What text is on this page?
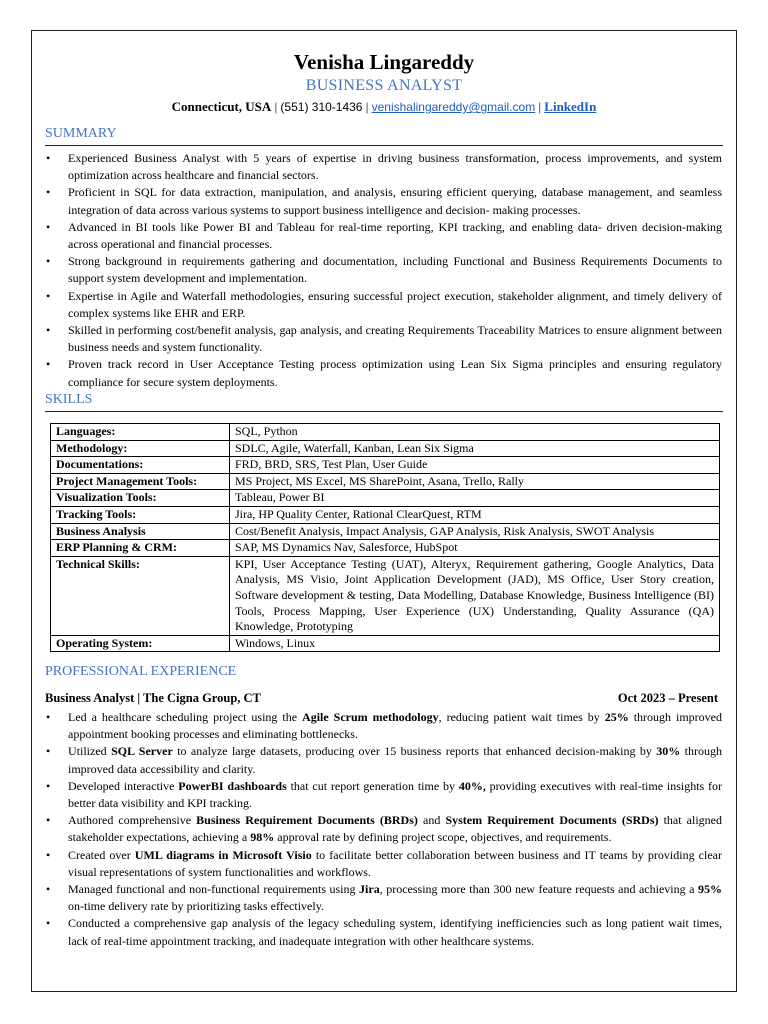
Venisha Lingareddy
BUSINESS ANALYST
Connecticut, USA | (551) 310-1436 | venishalingareddy@gmail.com | LinkedIn
SUMMARY
• Experienced Business Analyst with 5 years of expertise in driving business transformation, process improvements, and system optimization across healthcare and financial sectors.
• Proficient in SQL for data extraction, manipulation, and analysis, ensuring efficient querying, database management, and seamless integration of data across various systems to support business intelligence and decision- making processes.
• Advanced in BI tools like Power BI and Tableau for real-time reporting, KPI tracking, and enabling data- driven decision-making across operational and financial processes.
• Strong background in requirements gathering and documentation, including Functional and Business Requirements Documents to support system development and implementation.
• Expertise in Agile and Waterfall methodologies, ensuring successful project execution, stakeholder alignment, and timely delivery of complex systems like EHR and ERP.
• Skilled in performing cost/benefit analysis, gap analysis, and creating Requirements Traceability Matrices to ensure alignment between business needs and system functionality.
• Proven track record in User Acceptance Testing process optimization using Lean Six Sigma principles and ensuring regulatory compliance for secure system deployments.
SKILLS
Languages:	SQL, Python
Methodology:	SDLC, Agile, Waterfall, Kanban, Lean Six Sigma
Documentations:	FRD, BRD, SRS, Test Plan, User Guide
Project Management Tools:	MS Project, MS Excel, MS SharePoint, Asana, Trello, Rally
Visualization Tools:	Tableau, Power BI
Tracking Tools:	Jira, HP Quality Center, Rational ClearQuest, RTM
Business Analysis	Cost/Benefit Analysis, Impact Analysis, GAP Analysis, Risk Analysis, SWOT Analysis
ERP Planning & CRM:	SAP, MS Dynamics Nav, Salesforce, HubSpot
Technical Skills:	KPI, User Acceptance Testing (UAT), Alteryx, Requirement gathering, Google Analytics, Data Analysis, MS Visio, Joint Application Development (JAD), MS Office, User Story creation, Software development & testing, Data Modelling, Database Knowledge, Business Intelligence (BI) Tools, Process Mapping, User Experience (UX) Understanding, Quality Assurance (QA) Knowledge, Prototyping
Operating System:	Windows, Linux
PROFESSIONAL EXPERIENCE
Business Analyst | The Cigna Group, CT	Oct 2023 – Present
• Led a healthcare scheduling project using the Agile Scrum methodology, reducing patient wait times by 25% through improved appointment booking processes and eliminating bottlenecks.
• Utilized SQL Server to analyze large datasets, producing over 15 business reports that enhanced decision-making by 30% through improved data accessibility and clarity.
• Developed interactive PowerBI dashboards that cut report generation time by 40%, providing executives with real-time insights for better data visibility and KPI tracking.
• Authored comprehensive Business Requirement Documents (BRDs) and System Requirement Documents (SRDs) that aligned stakeholder expectations, achieving a 98% approval rate by defining project scope, objectives, and requirements.
• Created over UML diagrams in Microsoft Visio to facilitate better collaboration between business and IT teams by providing clear visual representations of system functionalities and workflows.
• Managed functional and non-functional requirements using Jira, processing more than 300 new feature requests and achieving a 95% on-time delivery rate by prioritizing tasks effectively.
• Conducted a comprehensive gap analysis of the legacy scheduling system, identifying inefficiencies such as long patient wait times, lack of real-time appointment tracking, and inadequate integration with other healthcare systems.
